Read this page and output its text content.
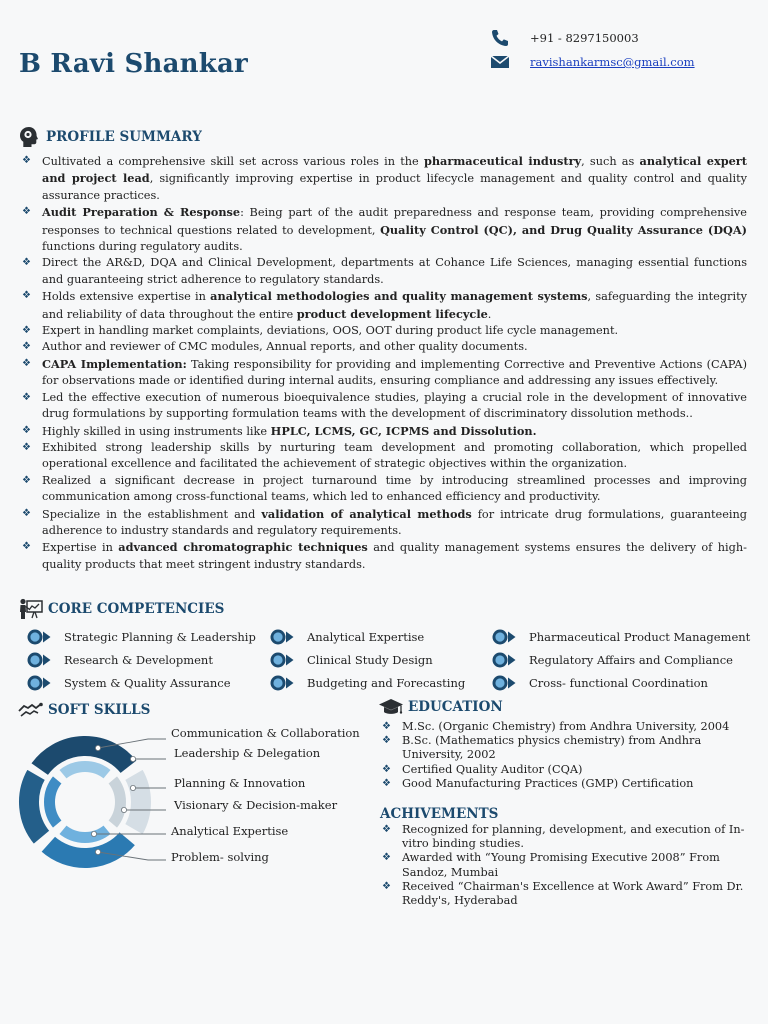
B Ravi Shankar
+91 - 8297150003
ravishankarmsc@gmail.com
PROFILE SUMMARY
❖ Cultivated a comprehensive skill set across various roles in the pharmaceutical industry, such as analytical expert and project lead, significantly improving expertise in product lifecycle management and quality control and quality assurance practices.
❖ Audit Preparation & Response: Being part of the audit preparedness and response team, providing comprehensive responses to technical questions related to development, Quality Control (QC), and Drug Quality Assurance (DQA) functions during regulatory audits.
❖ Direct the AR&D, DQA and Clinical Development, departments at Cohance Life Sciences, managing essential functions and guaranteeing strict adherence to regulatory standards.
❖ Holds extensive expertise in analytical methodologies and quality management systems, safeguarding the integrity and reliability of data throughout the entire product development lifecycle.
❖ Expert in handling market complaints, deviations, OOS, OOT during product life cycle management.
❖ Author and reviewer of CMC modules, Annual reports, and other quality documents.
❖ CAPA Implementation: Taking responsibility for providing and implementing Corrective and Preventive Actions (CAPA) for observations made or identified during internal audits, ensuring compliance and addressing any issues effectively.
❖ Led the effective execution of numerous bioequivalence studies, playing a crucial role in the development of innovative drug formulations by supporting formulation teams with the development of discriminatory dissolution methods..
❖ Highly skilled in using instruments like HPLC, LCMS, GC, ICPMS and Dissolution.
❖ Exhibited strong leadership skills by nurturing team development and promoting collaboration, which propelled operational excellence and facilitated the achievement of strategic objectives within the organization.
❖ Realized a significant decrease in project turnaround time by introducing streamlined processes and improving communication among cross-functional teams, which led to enhanced efficiency and productivity.
❖ Specialize in the establishment and validation of analytical methods for intricate drug formulations, guaranteeing adherence to industry standards and regulatory requirements.
❖ Expertise in advanced chromatographic techniques and quality management systems ensures the delivery of high-quality products that meet stringent industry standards.
CORE COMPETENCIES
Strategic Planning & Leadership	Analytical Expertise	Pharmaceutical Product Management
Research & Development	Clinical Study Design	Regulatory Affairs and Compliance
System & Quality Assurance	Budgeting and Forecasting	Cross- functional Coordination
SOFT SKILLS
Communication & Collaboration
Leadership & Delegation
Planning & Innovation
Visionary & Decision-maker
Analytical Expertise
Problem- solving
EDUCATION
❖ M.Sc. (Organic Chemistry) from Andhra University, 2004
❖ B.Sc. (Mathematics physics chemistry) from Andhra University, 2002
❖ Certified Quality Auditor (CQA)
❖ Good Manufacturing Practices (GMP) Certification
ACHIVEMENTS
❖ Recognized for planning, development, and execution of In-vitro binding studies.
❖ Awarded with “Young Promising Executive 2008” From Sandoz, Mumbai
❖ Received “Chairman's Excellence at Work Award” From Dr. Reddy's, Hyderabad
